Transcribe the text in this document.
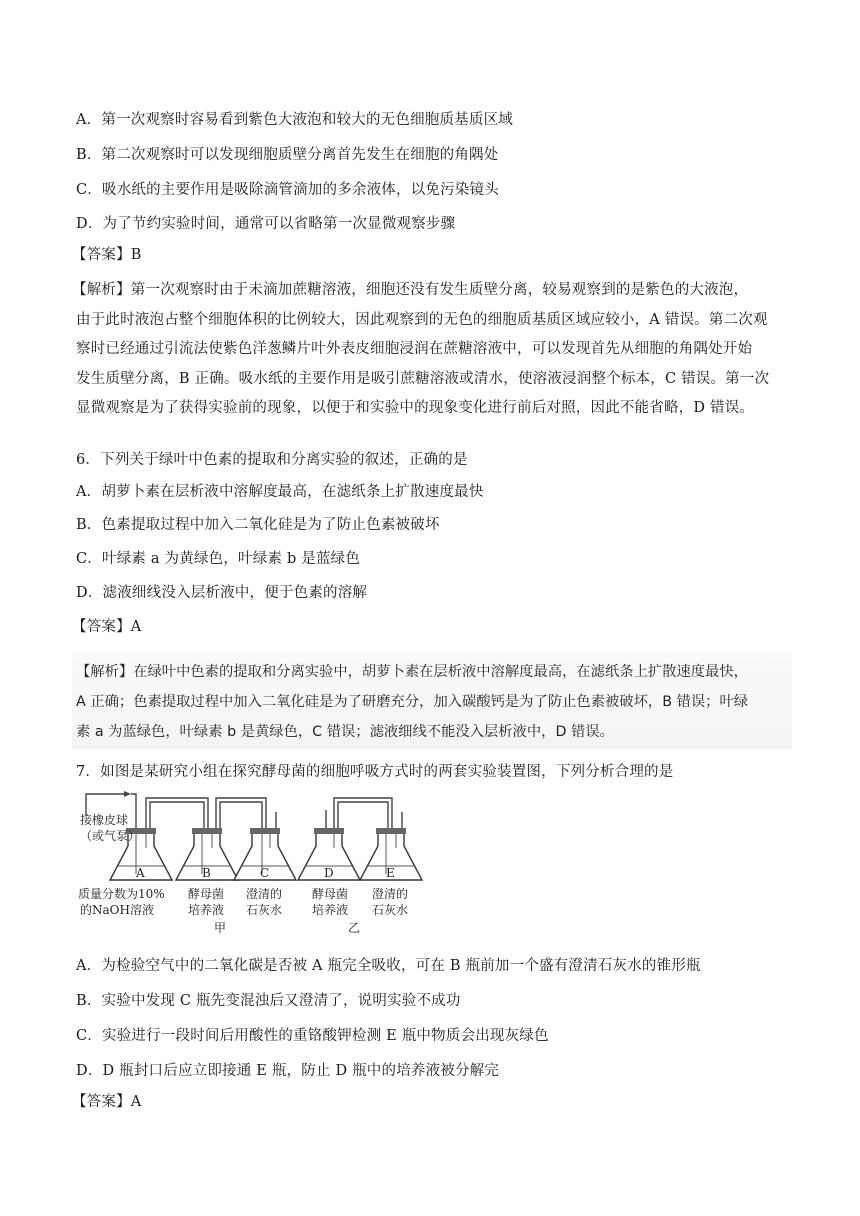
A．第一次观察时容易看到紫色大液泡和较大的无色细胞质基质区域
B．第二次观察时可以发现细胞质壁分离首先发生在细胞的角隅处
C．吸水纸的主要作用是吸除滴管滴加的多余液体，以免污染镜头
D．为了节约实验时间，通常可以省略第一次显微观察步骤
【答案】B
【解析】第一次观察时由于未滴加蔗糖溶液，细胞还没有发生质壁分离，较易观察到的是紫色的大液泡，
由于此时液泡占整个细胞体积的比例较大，因此观察到的无色的细胞质基质区域应较小，A 错误。第二次观
察时已经通过引流法使紫色洋葱鳞片叶外表皮细胞浸润在蔗糖溶液中，可以发现首先从细胞的角隅处开始
发生质壁分离，B 正确。吸水纸的主要作用是吸引蔗糖溶液或清水，使溶液浸润整个标本，C 错误。第一次
显微观察是为了获得实验前的现象，以便于和实验中的现象变化进行前后对照，因此不能省略，D 错误。
6．下列关于绿叶中色素的提取和分离实验的叙述，正确的是
A．胡萝卜素在层析液中溶解度最高，在滤纸条上扩散速度最快
B．色素提取过程中加入二氧化硅是为了防止色素被破坏
C．叶绿素 a 为黄绿色，叶绿素 b 是蓝绿色
D．滤液细线没入层析液中，便于色素的溶解
【答案】A
【解析】在绿叶中色素的提取和分离实验中，胡萝卜素在层析液中溶解度最高，在滤纸条上扩散速度最快，
A 正确；色素提取过程中加入二氧化硅是为了研磨充分，加入碳酸钙是为了防止色素被破坏，B 错误；叶绿
素 a 为蓝绿色，叶绿素 b 是黄绿色，C 错误；滤液细线不能没入层析液中，D 错误。
7．如图是某研究小组在探究酵母菌的细胞呼吸方式时的两套实验装置图，下列分析合理的是
接橡皮球
（或气泵）
A	B	C	D	E
质量分数为10%
的NaOH溶液
酵母菌
培养液
澄清的
石灰水
酵母菌
培养液
澄清的
石灰水
甲	乙
A．为检验空气中的二氧化碳是否被 A 瓶完全吸收，可在 B 瓶前加一个盛有澄清石灰水的锥形瓶
B．实验中发现 C 瓶先变混浊后又澄清了，说明实验不成功
C．实验进行一段时间后用酸性的重铬酸钾检测 E 瓶中物质会出现灰绿色
D．D 瓶封口后应立即接通 E 瓶，防止 D 瓶中的培养液被分解完
【答案】A
